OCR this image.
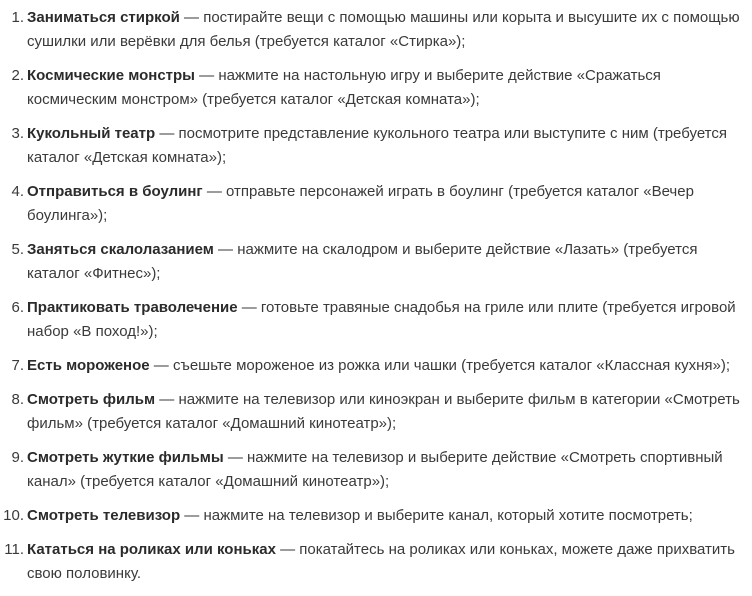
1 . Заниматься стиркой — постирайте вещи с помощью машины или корыта и высушите их с помощью сушилки или верёвки для белья (требуется каталог «Стирка»);
2 . Космические монстры — нажмите на настольную игру и выберите действие «Сражаться космическим монстром» (требуется каталог «Детская комната»);
3 . Кукольный театр — посмотрите представление кукольного театра или выступите с ним (требуется каталог «Детская комната»);
4 . Отправиться в боулинг — отправьте персонажей играть в боулинг (требуется каталог «Вечер боулинга»);
5 . Заняться скалолазанием — нажмите на скалодром и выберите действие «Лазать» (требуется каталог «Фитнес»);
6 . Практиковать траволечение — готовьте травяные снадобья на гриле или плите (требуется игровой набор «В поход!»);
7 . Есть мороженое — съешьте мороженое из рожка или чашки (требуется каталог «Классная кухня»);
8 . Смотреть фильм — нажмите на телевизор или киноэкран и выберите фильм в категории «Смотреть фильм» (требуется каталог «Домашний кинотеатр»);
9 . Смотреть жуткие фильмы — нажмите на телевизор и выберите действие «Смотреть спортивный канал» (требуется каталог «Домашний кинотеатр»);
10 . Смотреть телевизор — нажмите на телевизор и выберите канал, который хотите посмотреть;
11 . Кататься на роликах или коньках — покатайтесь на роликах или коньках, можете даже прихватить свою половинку.
